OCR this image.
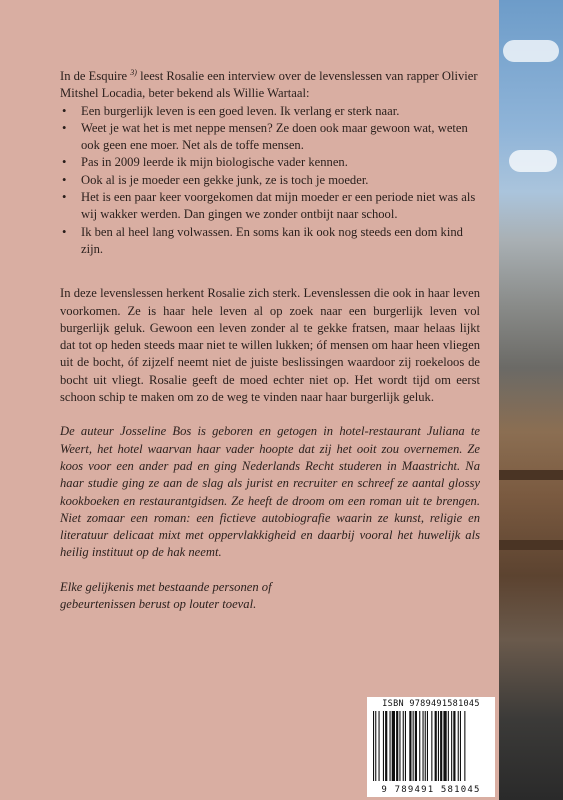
In de Esquire $^{3)}$ leest Rosalie een interview over de levenslessen van rapper Olivier Mitshel Locadia, beter bekend als Willie Wartaal:

• Een burgerlijk leven is een goed leven. Ik verlang er sterk naar.
• Weet je wat het is met neppe mensen? Ze doen ook maar gewoon wat, weten ook geen ene moer. Net als de toffe mensen.
• Pas in 2009 leerde ik mijn biologische vader kennen.
• Ook al is je moeder een gekke junk, ze is toch je moeder.
• Het is een paar keer voorgekomen dat mijn moeder er een periode niet was als wij wakker werden. Dan gingen we zonder ontbijt naar school.
• Ik ben al heel lang volwassen. En soms kan ik ook nog steeds een dom kind zijn.

In deze levenslessen herkent Rosalie zich sterk. Levenslessen die ook in haar leven voorkomen. Ze is haar hele leven al op zoek naar een burgerlijk leven vol burgerlijk geluk. Gewoon een leven zonder al te gekke fratsen, maar helaas lijkt dat tot op heden steeds maar niet te willen lukken; óf mensen om haar heen vliegen uit de bocht, óf zijzelf neemt niet de juiste beslissingen waardoor zij roekeloos de bocht uit vliegt. Rosalie geeft de moed echter niet op. Het wordt tijd om eerst schoon schip te maken om zo de weg te vinden naar haar burgerlijk geluk.

De auteur Josseline Bos is geboren en getogen in hotel-restaurant Juliana te Weert, het hotel waarvan haar vader hoopte dat zij het ooit zou overnemen. Ze koos voor een ander pad en ging Nederlands Recht studeren in Maastricht. Na haar studie ging ze aan de slag als jurist en recruiter en schreef ze aantal glossy kookboeken en restaurantgidsen. Ze heeft de droom om een roman uit te brengen. Niet zomaar een roman: een fictieve autobiografie waarin ze kunst, religie en literatuur delicaat mixt met oppervlakkigheid en daarbij vooral het huwelijk als heilig instituut op de hak neemt.

Elke gelijkenis met bestaande personen of gebeurtenissen berust op louter toeval.

ISBN 9789491581045
9 789491 581045
